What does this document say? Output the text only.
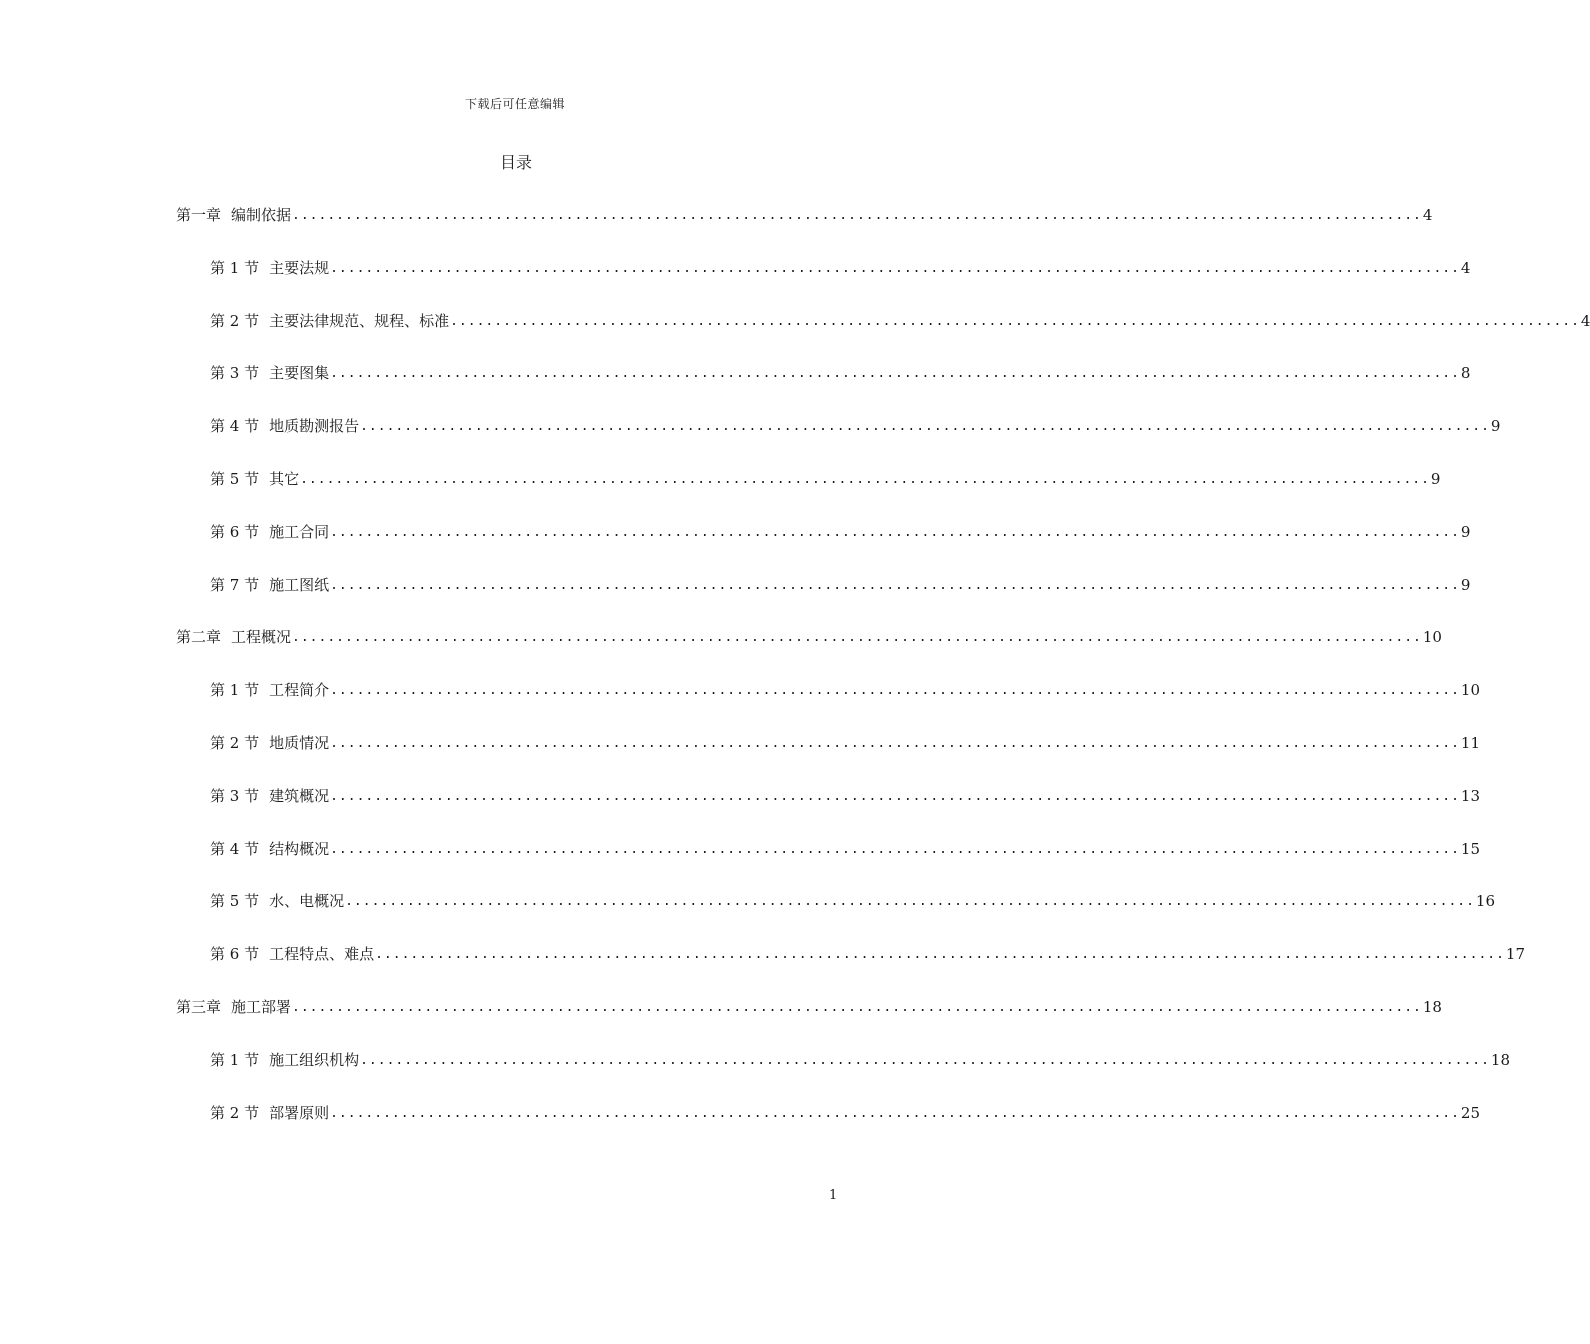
下载后可任意编辑
目录
第一章 编制依据 ................................................................................................................................ 4
第 1 节 主要法规 ................................................................................................................................ 4
第 2 节 主要法律规范、规程、标准 ................................................................................................................................ 4
第 3 节 主要图集 ................................................................................................................................ 8
第 4 节 地质勘测报告 ................................................................................................................................ 9
第 5 节 其它 ................................................................................................................................ 9
第 6 节 施工合同 ................................................................................................................................ 9
第 7 节 施工图纸 ................................................................................................................................ 9
第二章 工程概况 ................................................................................................................................ 10
第 1 节 工程简介 ................................................................................................................................ 10
第 2 节 地质情况 ................................................................................................................................ 11
第 3 节 建筑概况 ................................................................................................................................ 13
第 4 节 结构概况 ................................................................................................................................ 15
第 5 节 水、电概况 ................................................................................................................................ 16
第 6 节 工程特点、难点 ................................................................................................................................ 17
第三章 施工部署 ................................................................................................................................ 18
第 1 节 施工组织机构 ................................................................................................................................ 18
第 2 节 部署原则 ................................................................................................................................ 25
1
